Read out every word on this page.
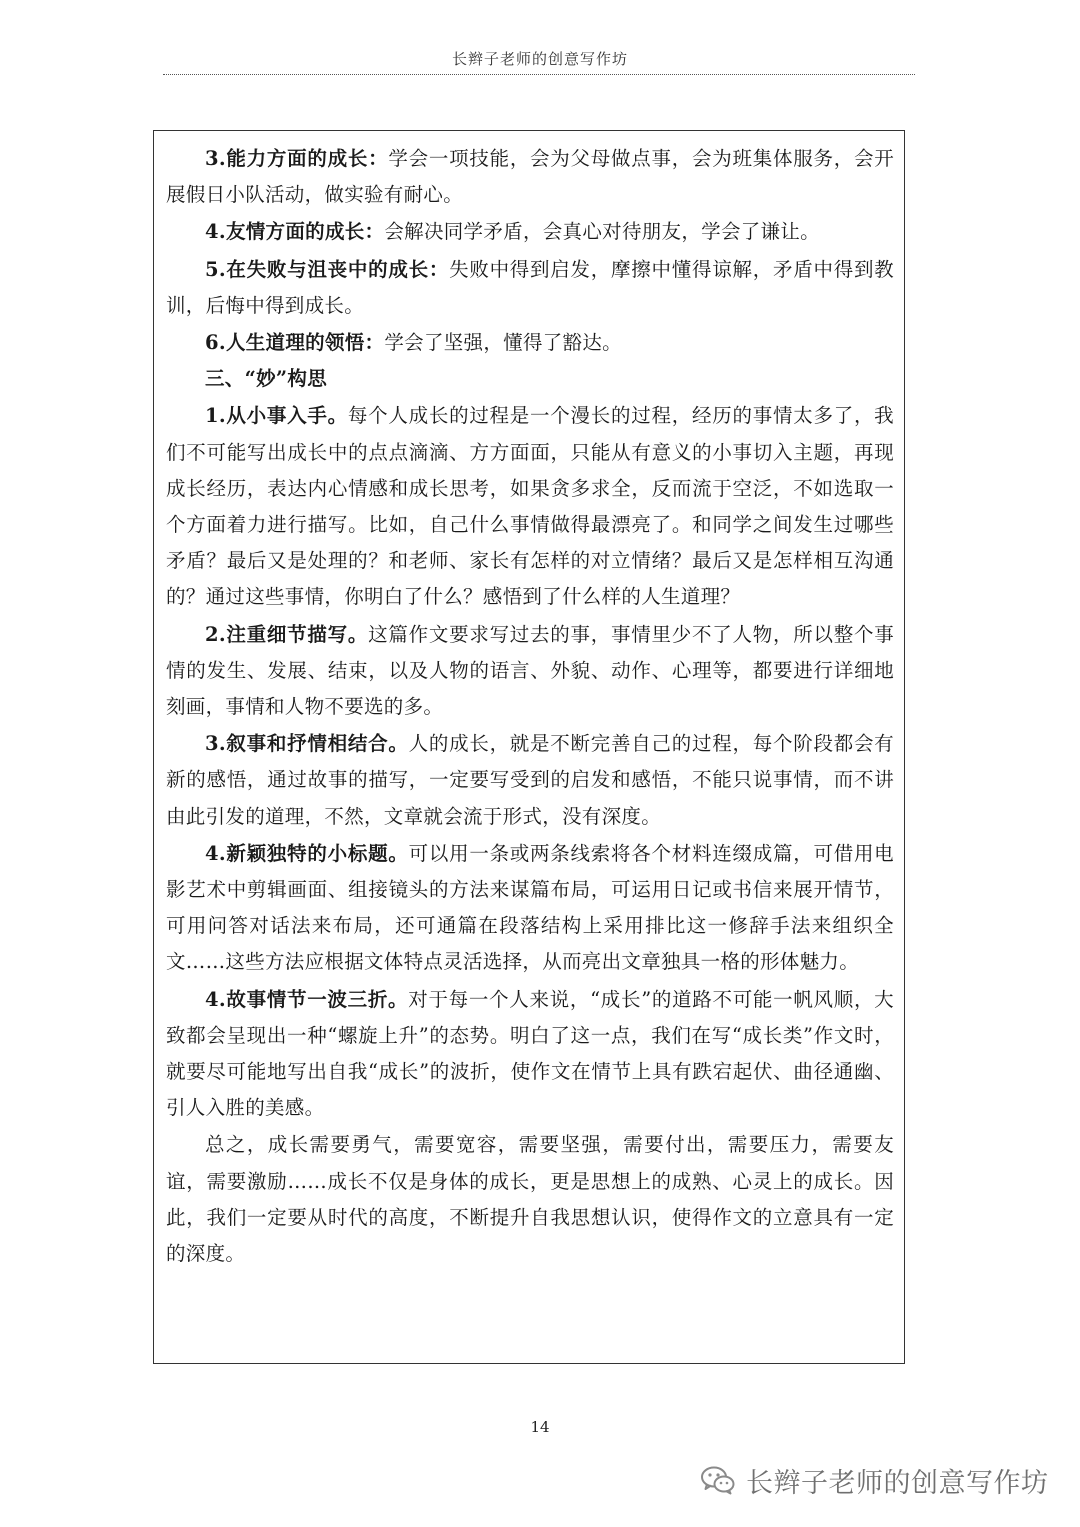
长辫子老师的创意写作坊

3.能力方面的成长：学会一项技能，会为父母做点事，会为班集体服务，会开展假日小队活动，做实验有耐心。

4.友情方面的成长：会解决同学矛盾，会真心对待朋友，学会了谦让。

5.在失败与沮丧中的成长：失败中得到启发，摩擦中懂得谅解，矛盾中得到教训，后悔中得到成长。

6.人生道理的领悟：学会了坚强，懂得了豁达。

三、“妙”构思

1.从小事入手。每个人成长的过程是一个漫长的过程，经历的事情太多了，我们不可能写出成长中的点点滴滴、方方面面，只能从有意义的小事切入主题，再现成长经历，表达内心情感和成长思考，如果贪多求全，反而流于空泛，不如选取一个方面着力进行描写。比如，自己什么事情做得最漂亮了。和同学之间发生过哪些矛盾？最后又是处理的？和老师、家长有怎样的对立情绪？最后又是怎样相互沟通的？通过这些事情，你明白了什么？感悟到了什么样的人生道理？

2.注重细节描写。这篇作文要求写过去的事，事情里少不了人物，所以整个事情的发生、发展、结束，以及人物的语言、外貌、动作、心理等，都要进行详细地刻画，事情和人物不要选的多。

3.叙事和抒情相结合。人的成长，就是不断完善自己的过程，每个阶段都会有新的感悟，通过故事的描写，一定要写受到的启发和感悟，不能只说事情，而不讲由此引发的道理，不然，文章就会流于形式，没有深度。

4.新颖独特的小标题。可以用一条或两条线索将各个材料连缀成篇，可借用电影艺术中剪辑画面、组接镜头的方法来谋篇布局，可运用日记或书信来展开情节，可用问答对话法来布局，还可通篇在段落结构上采用排比这一修辞手法来组织全文……这些方法应根据文体特点灵活选择，从而亮出文章独具一格的形体魅力。

4.故事情节一波三折。对于每一个人来说，“成长”的道路不可能一帆风顺，大致都会呈现出一种“螺旋上升”的态势。明白了这一点，我们在写“成长类”作文时，就要尽可能地写出自我“成长”的波折，使作文在情节上具有跌宕起伏、曲径通幽、引人入胜的美感。

总之，成长需要勇气，需要宽容，需要坚强，需要付出，需要压力，需要友谊，需要激励……成长不仅是身体的成长，更是思想上的成熟、心灵上的成长。因此，我们一定要从时代的高度，不断提升自我思想认识，使得作文的立意具有一定的深度。

14
长辫子老师的创意写作坊
